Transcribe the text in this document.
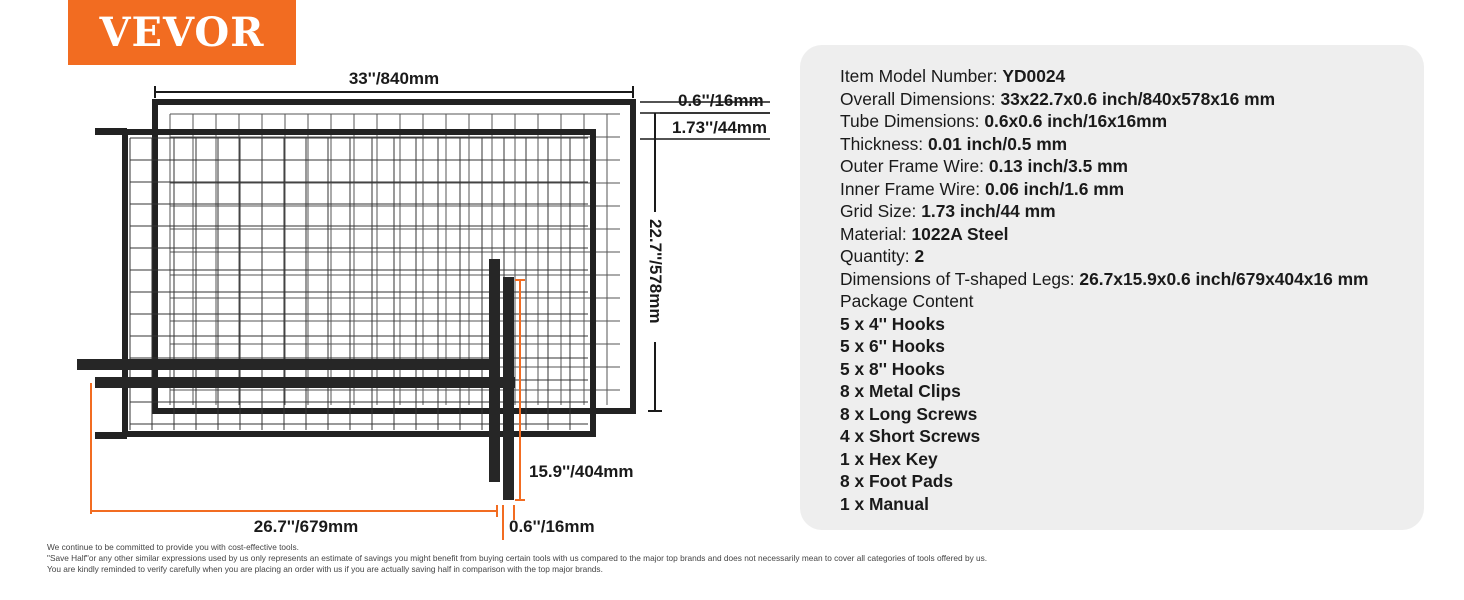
VEVOR
33''/840mm
0.6''/16mm
1.73''/44mm
22.7''/578mm
15.9''/404mm
26.7''/679mm	0.6''/16mm
Item Model Number: YD0024
Overall Dimensions: 33x22.7x0.6 inch/840x578x16 mm
Tube Dimensions: 0.6x0.6 inch/16x16mm
Thickness: 0.01 inch/0.5 mm
Outer Frame Wire: 0.13 inch/3.5 mm
Inner Frame Wire: 0.06 inch/1.6 mm
Grid Size: 1.73 inch/44 mm
Material: 1022A Steel
Quantity: 2
Dimensions of T-shaped Legs: 26.7x15.9x0.6 inch/679x404x16 mm
Package Content
5 x 4'' Hooks
5 x 6'' Hooks
5 x 8'' Hooks
8 x Metal Clips
8 x Long Screws
4 x Short Screws
1 x Hex Key
8 x Foot Pads
1 x Manual
We continue to be committed to provide you with cost-effective tools.
"Save Half"or any other similar expressions used by us only represents an estimate of savings you might benefit from buying certain tools with us compared to the major top brands and does not necessarily mean to cover all categories of tools offered by us.
You are kindly reminded to verify carefully when you are placing an order with us if you are actually saving half in comparison with the top major brands.
